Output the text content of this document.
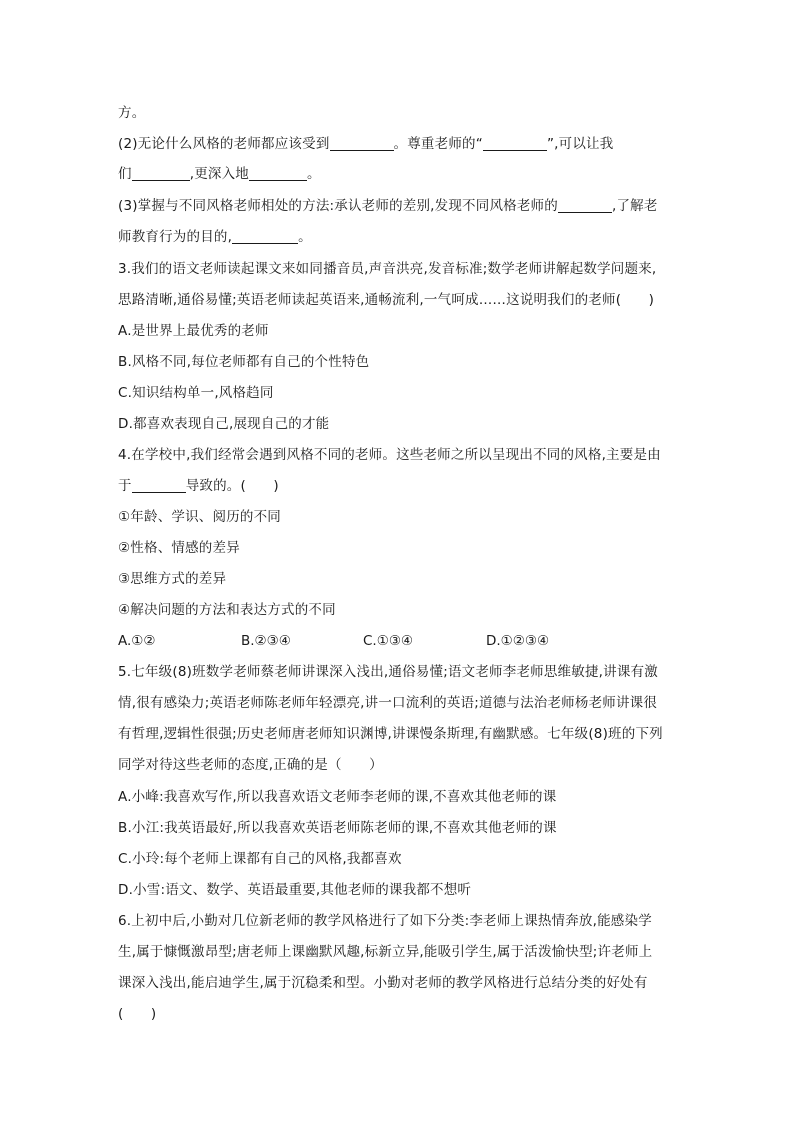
方。
(2)无论什么风格的老师都应该受到	。尊重老师的“	”,可以让我
们	,更深入地	。
(3)掌握与不同风格老师相处的方法:承认老师的差别,发现不同风格老师的	,了解老
师教育行为的目的,	。
3.我们的语文老师读起课文来如同播音员,声音洪亮,发音标准;数学老师讲解起数学问题来,
思路清晰,通俗易懂;英语老师读起英语来,通畅流利,一气呵成……这说明我们的老师(　　)
A.是世界上最优秀的老师
B.风格不同,每位老师都有自己的个性特色
C.知识结构单一,风格趋同
D.都喜欢表现自己,展现自己的才能
4.在学校中,我们经常会遇到风格不同的老师。这些老师之所以呈现出不同的风格,主要是由
于	导致的。(　　)
①年龄、学识、阅历的不同
②性格、情感的差异
③思维方式的差异
④解决问题的方法和表达方式的不同
A.①②	B.②③④	C.①③④	D.①②③④
5.七年级(8)班数学老师蔡老师讲课深入浅出,通俗易懂;语文老师李老师思维敏捷,讲课有激
情,很有感染力;英语老师陈老师年轻漂亮,讲一口流利的英语;道德与法治老师杨老师讲课很
有哲理,逻辑性很强;历史老师唐老师知识渊博,讲课慢条斯理,有幽默感。七年级(8)班的下列
同学对待这些老师的态度,正确的是（　　）
A.小峰:我喜欢写作,所以我喜欢语文老师李老师的课,不喜欢其他老师的课
B.小江:我英语最好,所以我喜欢英语老师陈老师的课,不喜欢其他老师的课
C.小玲:每个老师上课都有自己的风格,我都喜欢
D.小雪:语文、数学、英语最重要,其他老师的课我都不想听
6.上初中后,小勤对几位新老师的教学风格进行了如下分类:李老师上课热情奔放,能感染学
生,属于慷慨激昂型;唐老师上课幽默风趣,标新立异,能吸引学生,属于活泼愉快型;许老师上
课深入浅出,能启迪学生,属于沉稳柔和型。小勤对老师的教学风格进行总结分类的好处有
(　　)
